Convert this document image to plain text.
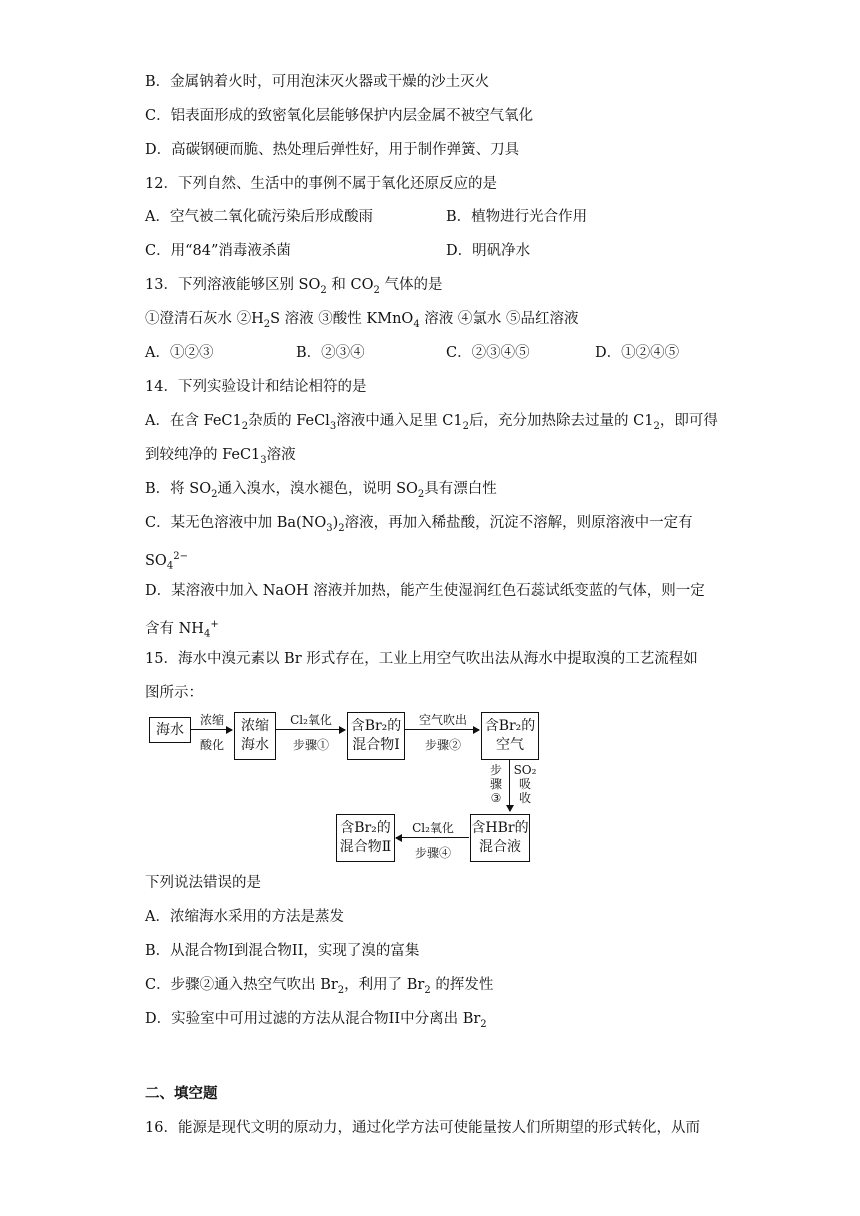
B．金属钠着火时，可用泡沫灭火器或干燥的沙土灭火
C．铝表面形成的致密氧化层能够保护内层金属不被空气氧化
D．高碳钢硬而脆、热处理后弹性好，用于制作弹簧、刀具
12．下列自然、生活中的事例不属于氧化还原反应的是
A．空气被二氧化硫污染后形成酸雨	B．植物进行光合作用
C．用“84”消毒液杀菌	D．明矾净水
13．下列溶液能够区别 $SO_2$ 和 $CO_2$ 气体的是
①澄清石灰水 $②H_2S$ 溶液 ③酸性 KMnO$_4$ 溶液 ④氯水 ⑤品红溶液
A．①②③	B．②③④	C．②③④⑤	D．①②④⑤
14．下列实验设计和结论相符的是
A．在含 $FeC1_2$杂质的 FeCl$_3$溶液中通入足里 $C1_2$后，充分加热除去过量的 $C1_2$，即可得
到较纯净的 $FeC1_3$溶液
B．将 $SO_2$通入溴水，溴水褪色，说明 $SO_2$具有漂白性
C．某无色溶液中加 $Ba(NO_3)_2$溶液，再加入稀盐酸，沉淀不溶解，则原溶液中一定有
$SO_4^{2-}$
D．某溶液中加入 NaOH 溶液并加热，能产生使湿润红色石蕊试纸变蓝的气体，则一定
含有 $NH_4^+$
15．海水中溴元素以 Br 形式存在，工业上用空气吹出法从海水中提取溴的工艺流程如
图所示：
海水
浓缩
酸化
浓缩
海水
Cl₂氧化
步骤①
含Br₂的
混合物Ⅰ
空气吹出
步骤②
含Br₂的
空气
步
骤
③
SO₂
吸
收
含HBr的
混合液
Cl₂氧化
步骤④
含Br₂的
混合物Ⅱ
下列说法错误的是
A．浓缩海水采用的方法是蒸发
B．从混合物I到混合物II，实现了溴的富集
C．步骤②通入热空气吹出 $Br_2$，利用了 $Br_2$ 的挥发性
D．实验室中可用过滤的方法从混合物II中分离出 $Br_2$
二、填空题
16．能源是现代文明的原动力，通过化学方法可使能量按人们所期望的形式转化，从而
